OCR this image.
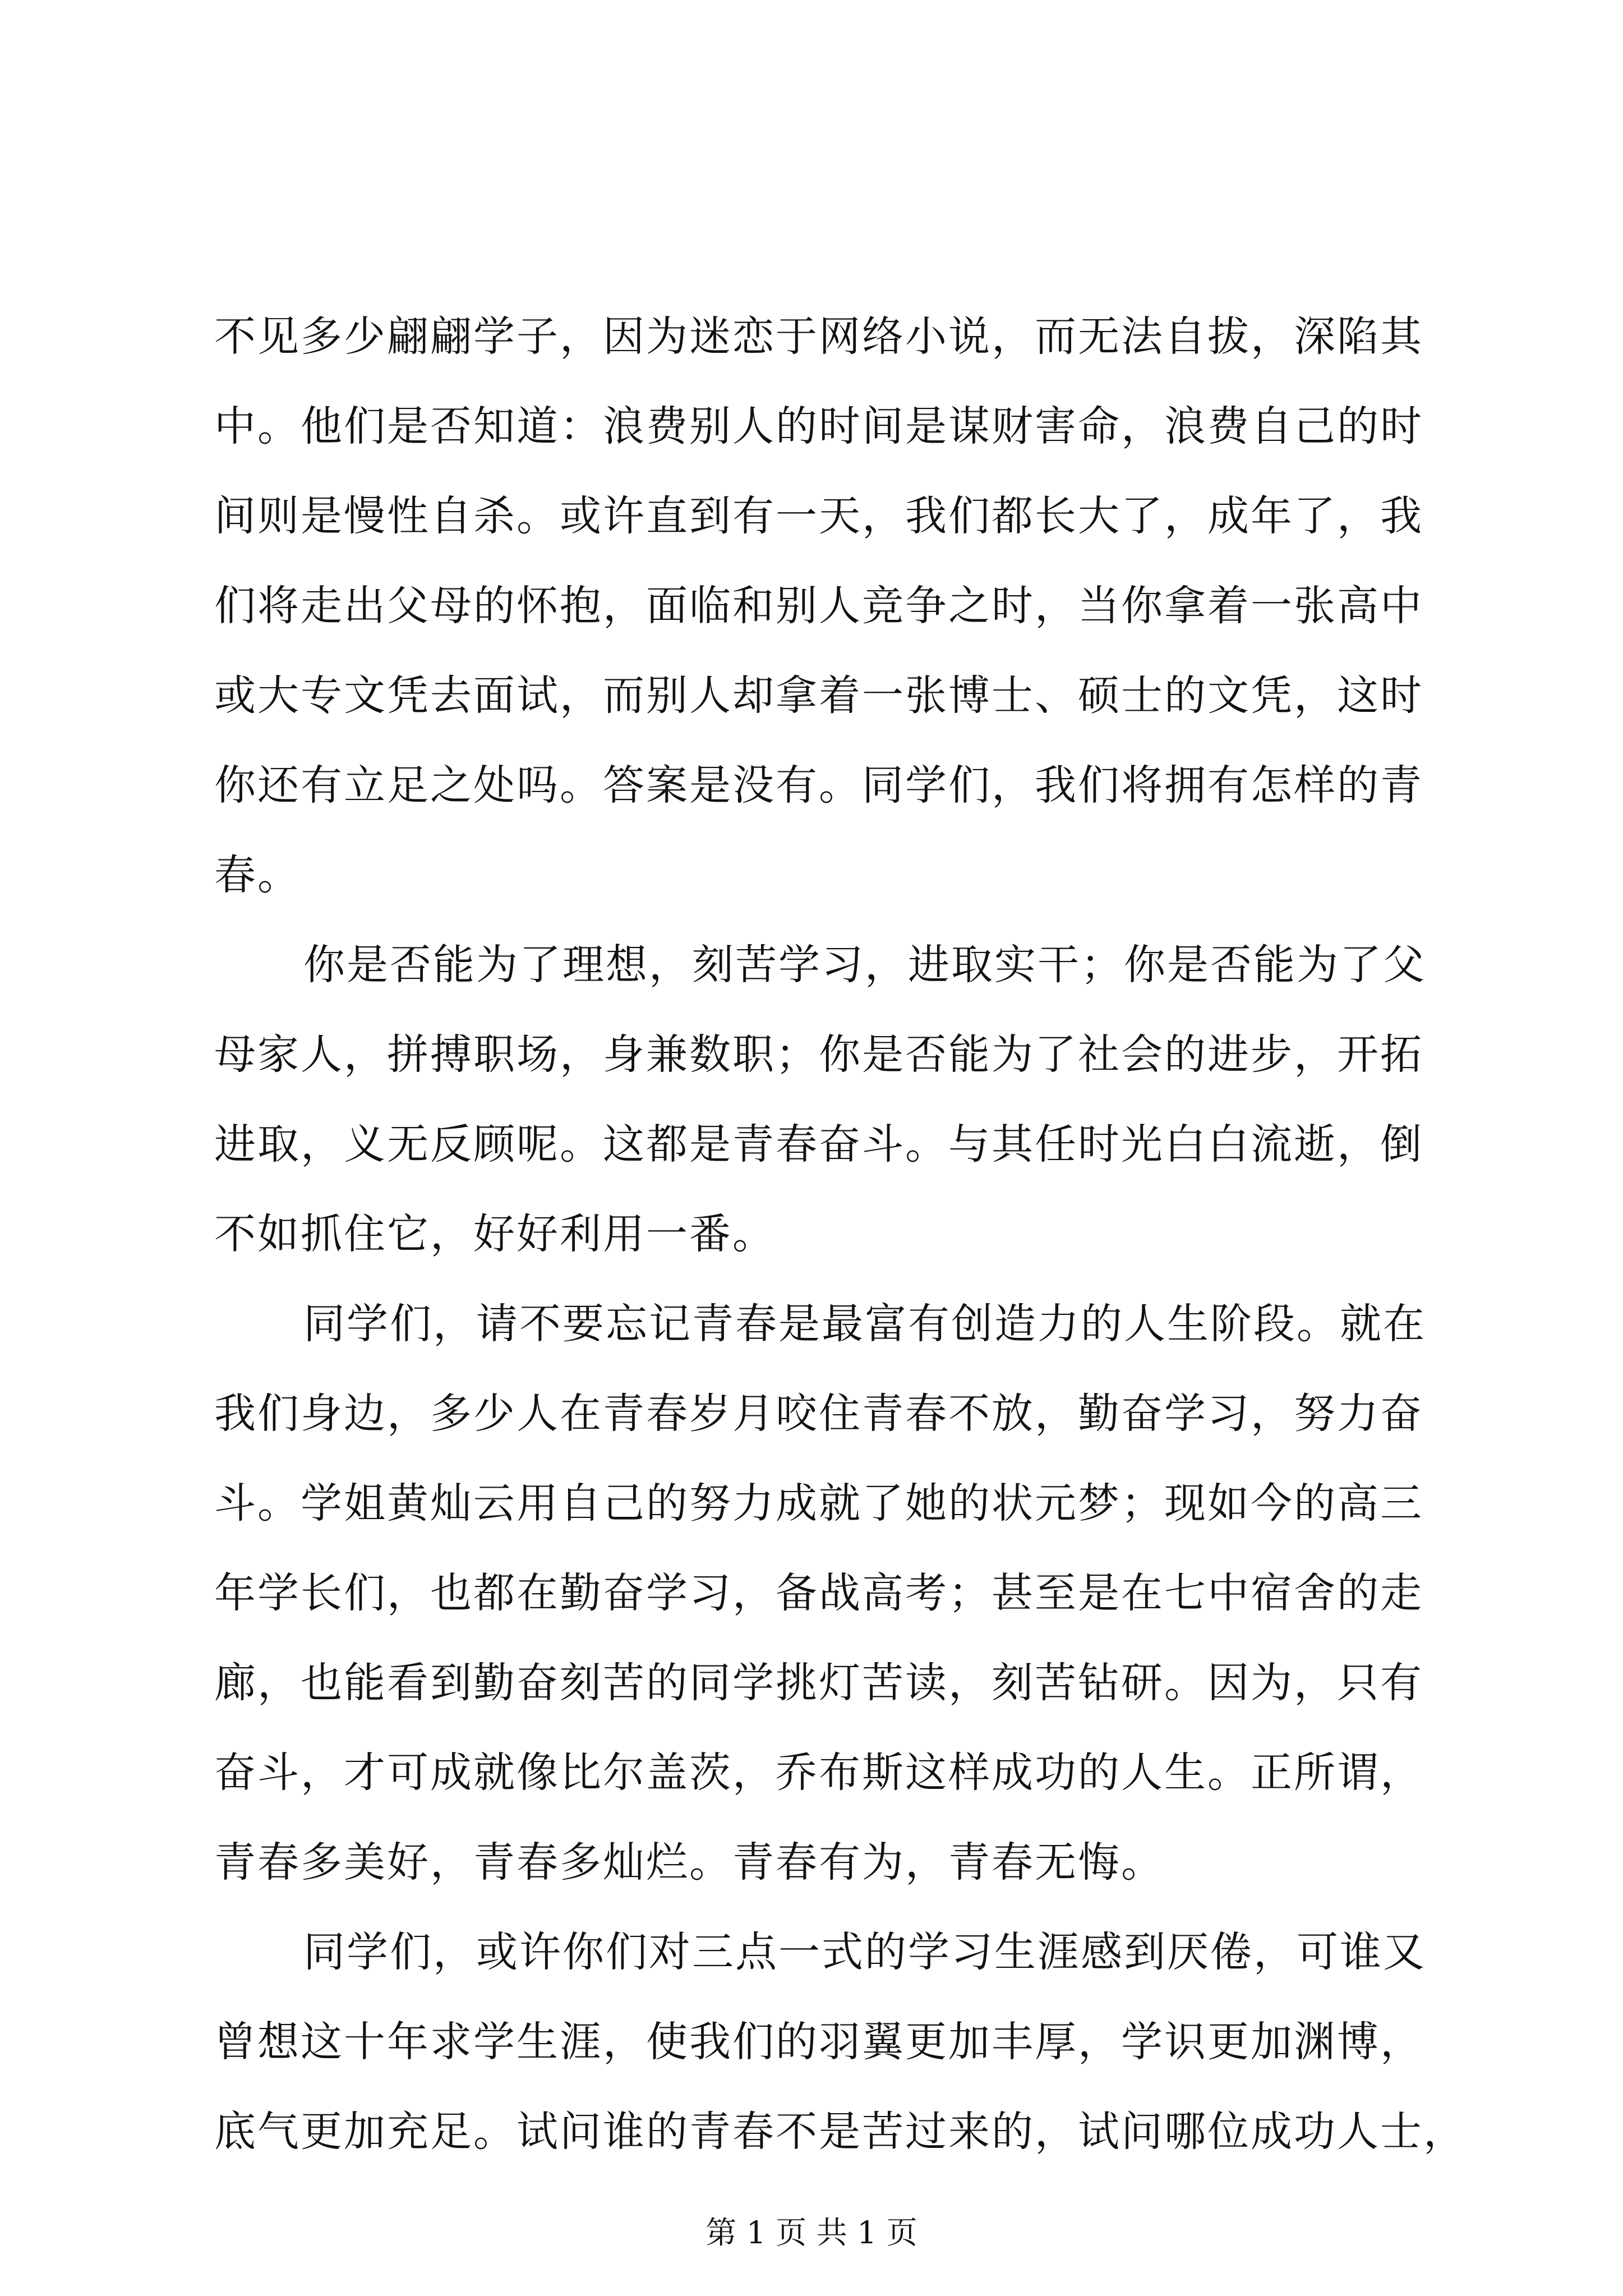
不见多少翩翩学子，因为迷恋于网络小说，而无法自拔，深陷其
中。他们是否知道：浪费别人的时间是谋财害命，浪费自己的时
间则是慢性自杀。或许直到有一天，我们都长大了，成年了，我
们将走出父母的怀抱，面临和别人竞争之时，当你拿着一张高中
或大专文凭去面试，而别人却拿着一张博士、硕士的文凭，这时
你还有立足之处吗。答案是没有。同学们，我们将拥有怎样的青
春。
你是否能为了理想，刻苦学习，进取实干；你是否能为了父
母家人，拼搏职场，身兼数职；你是否能为了社会的进步，开拓
进取，义无反顾呢。这都是青春奋斗。与其任时光白白流逝，倒
不如抓住它，好好利用一番。
同学们，请不要忘记青春是最富有创造力的人生阶段。就在
我们身边，多少人在青春岁月咬住青春不放，勤奋学习，努力奋
斗。学姐黄灿云用自己的努力成就了她的状元梦；现如今的高三
年学长们，也都在勤奋学习，备战高考；甚至是在七中宿舍的走
廊，也能看到勤奋刻苦的同学挑灯苦读，刻苦钻研。因为，只有
奋斗，才可成就像比尔盖茨，乔布斯这样成功的人生。正所谓，
青春多美好，青春多灿烂。青春有为，青春无悔。
同学们，或许你们对三点一式的学习生涯感到厌倦，可谁又
曾想这十年求学生涯，使我们的羽翼更加丰厚，学识更加渊博，
底气更加充足。试问谁的青春不是苦过来的，试问哪位成功人士，
第 1 页 共 1 页
